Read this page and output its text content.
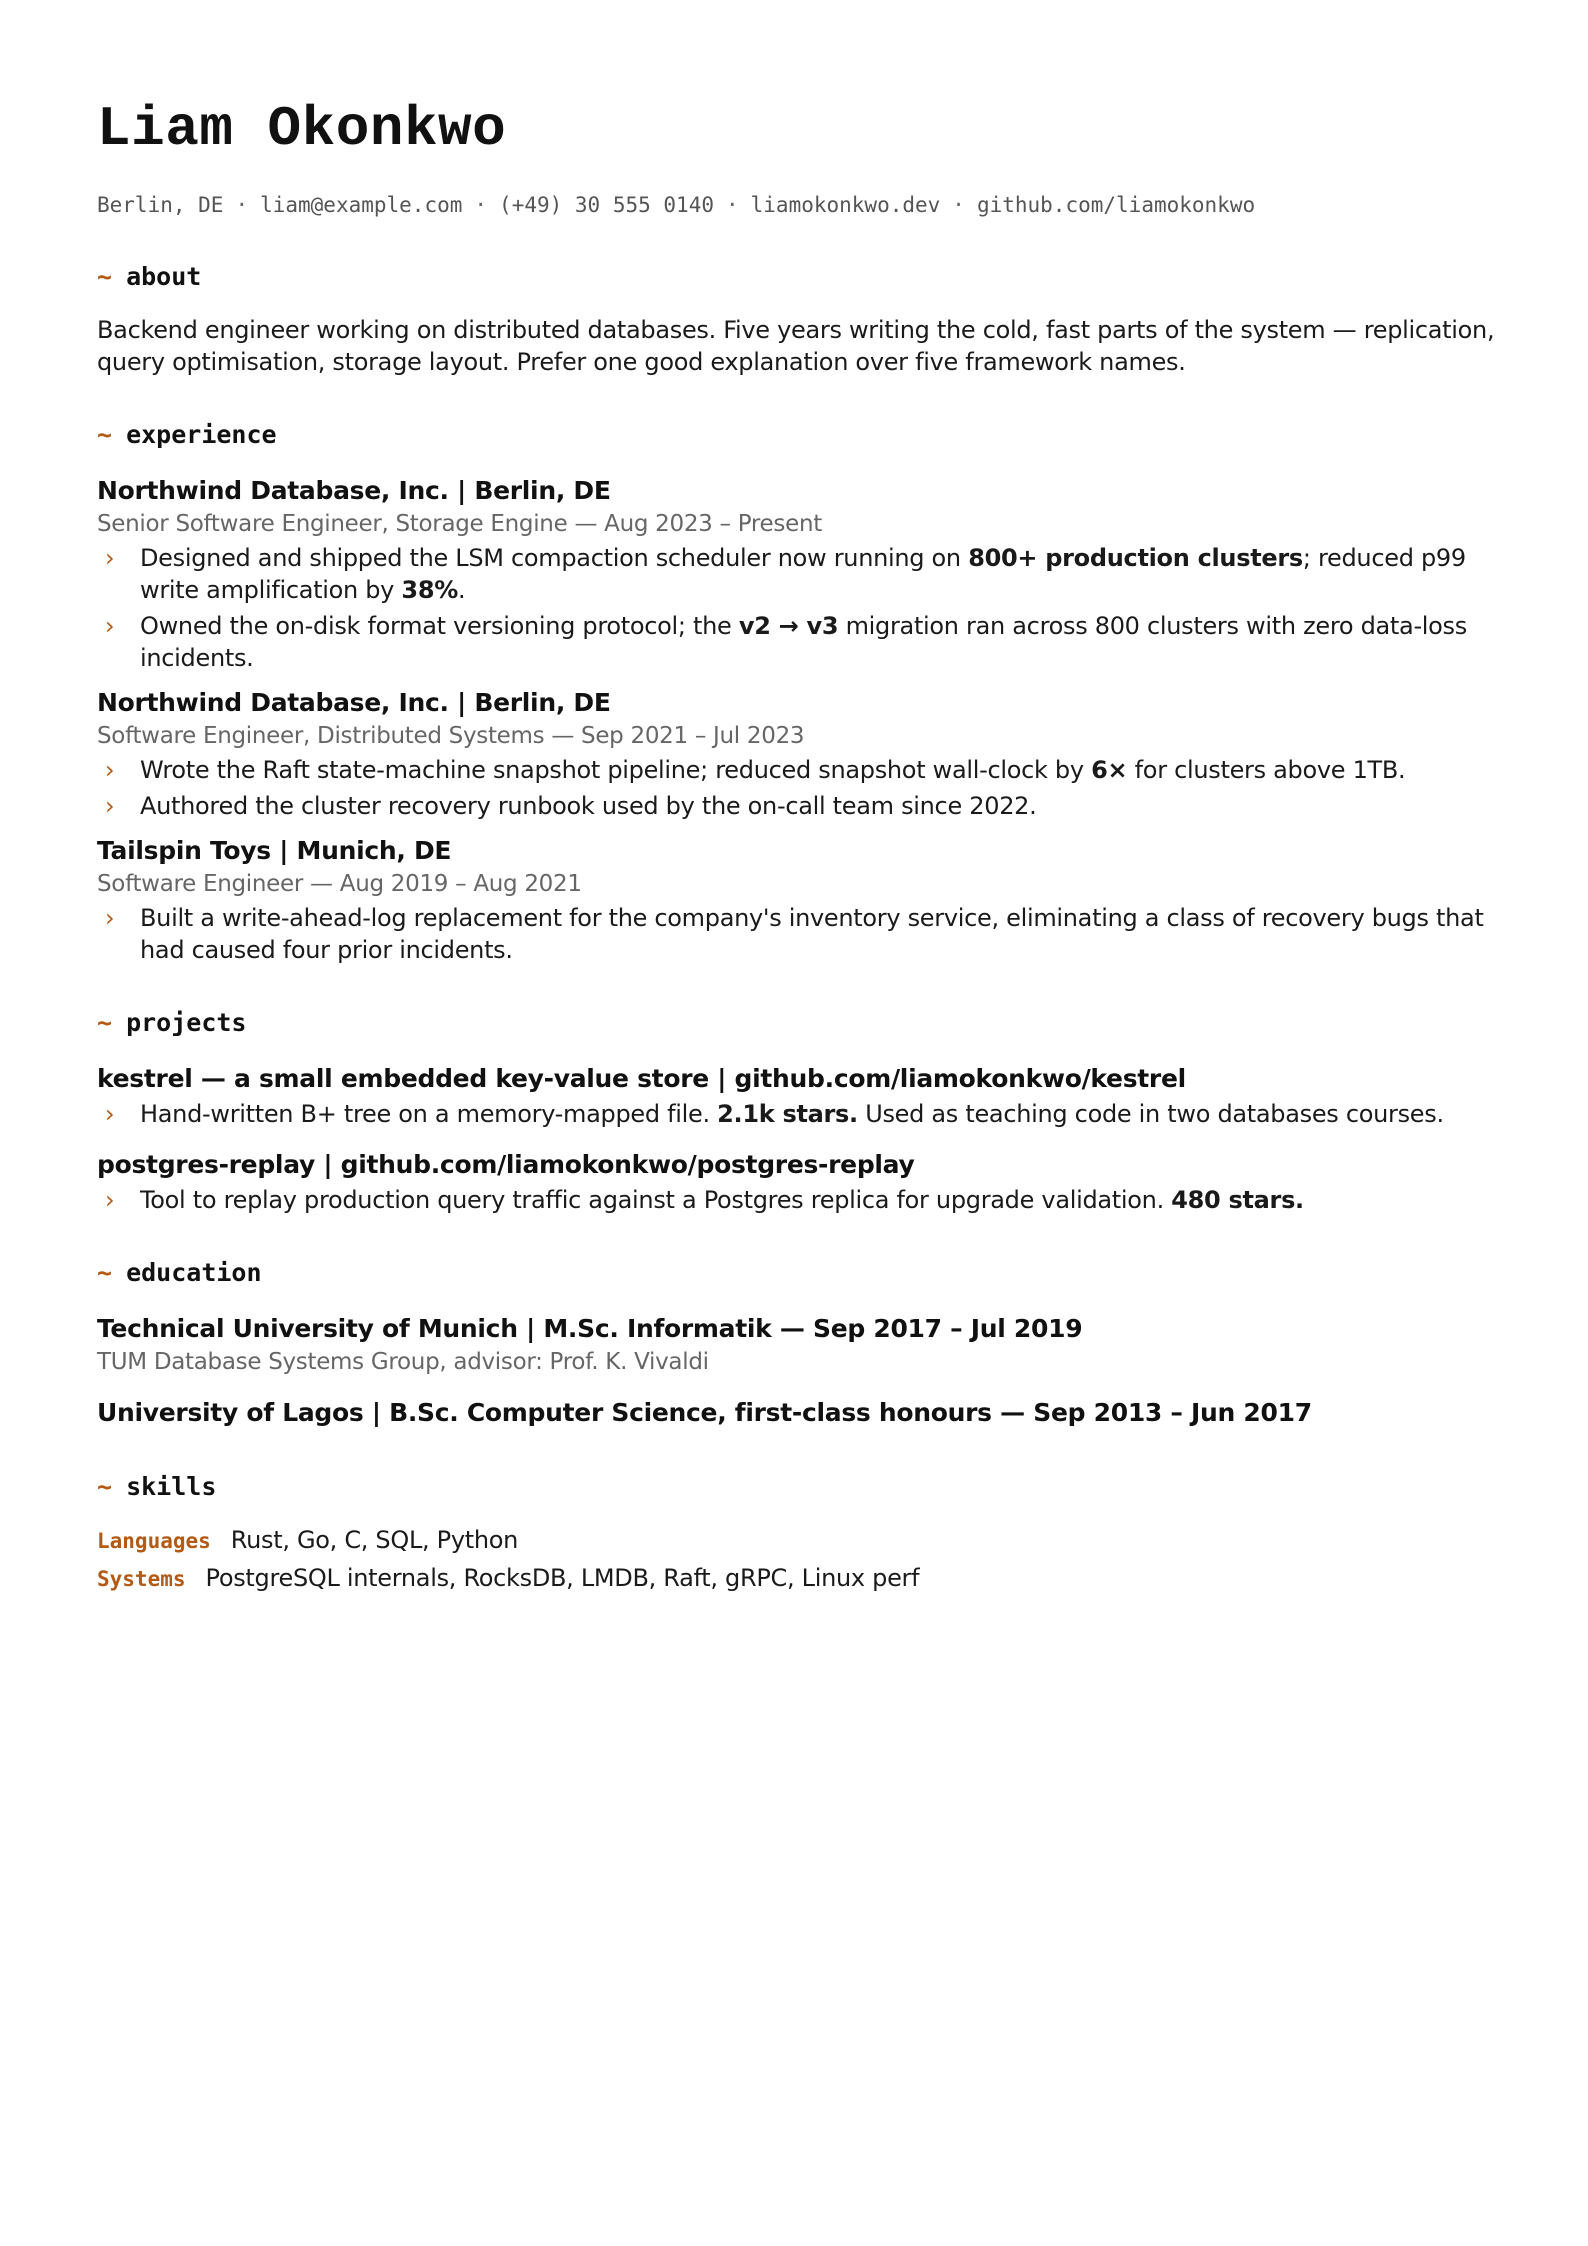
Liam Okonkwo
Berlin, DE · liam@example.com · (+49) 30 555 0140 · liamokonkwo.dev · github.com/liamokonkwo
~ about
Backend engineer working on distributed databases. Five years writing the cold, fast parts of the system — replication, query optimisation, storage layout. Prefer one good explanation over five framework names.
~ experience
Northwind Database, Inc. | Berlin, DE
Senior Software Engineer, Storage Engine — Aug 2023 – Present
› Designed and shipped the LSM compaction scheduler now running on 800+ production clusters; reduced p99 write amplification by 38%.
› Owned the on-disk format versioning protocol; the v2 → v3 migration ran across 800 clusters with zero data-loss incidents.
Northwind Database, Inc. | Berlin, DE
Software Engineer, Distributed Systems — Sep 2021 – Jul 2023
› Wrote the Raft state-machine snapshot pipeline; reduced snapshot wall-clock by 6× for clusters above 1TB.
› Authored the cluster recovery runbook used by the on-call team since 2022.
Tailspin Toys | Munich, DE
Software Engineer — Aug 2019 – Aug 2021
› Built a write-ahead-log replacement for the company's inventory service, eliminating a class of recovery bugs that had caused four prior incidents.
~ projects
kestrel — a small embedded key-value store | github.com/liamokonkwo/kestrel
› Hand-written B+ tree on a memory-mapped file. 2.1k stars. Used as teaching code in two databases courses.
postgres-replay | github.com/liamokonkwo/postgres-replay
› Tool to replay production query traffic against a Postgres replica for upgrade validation. 480 stars.
~ education
Technical University of Munich | M.Sc. Informatik — Sep 2017 – Jul 2019
TUM Database Systems Group, advisor: Prof. K. Vivaldi
University of Lagos | B.Sc. Computer Science, first-class honours — Sep 2013 – Jun 2017
~ skills
Languages Rust, Go, C, SQL, Python
Systems PostgreSQL internals, RocksDB, LMDB, Raft, gRPC, Linux perf
